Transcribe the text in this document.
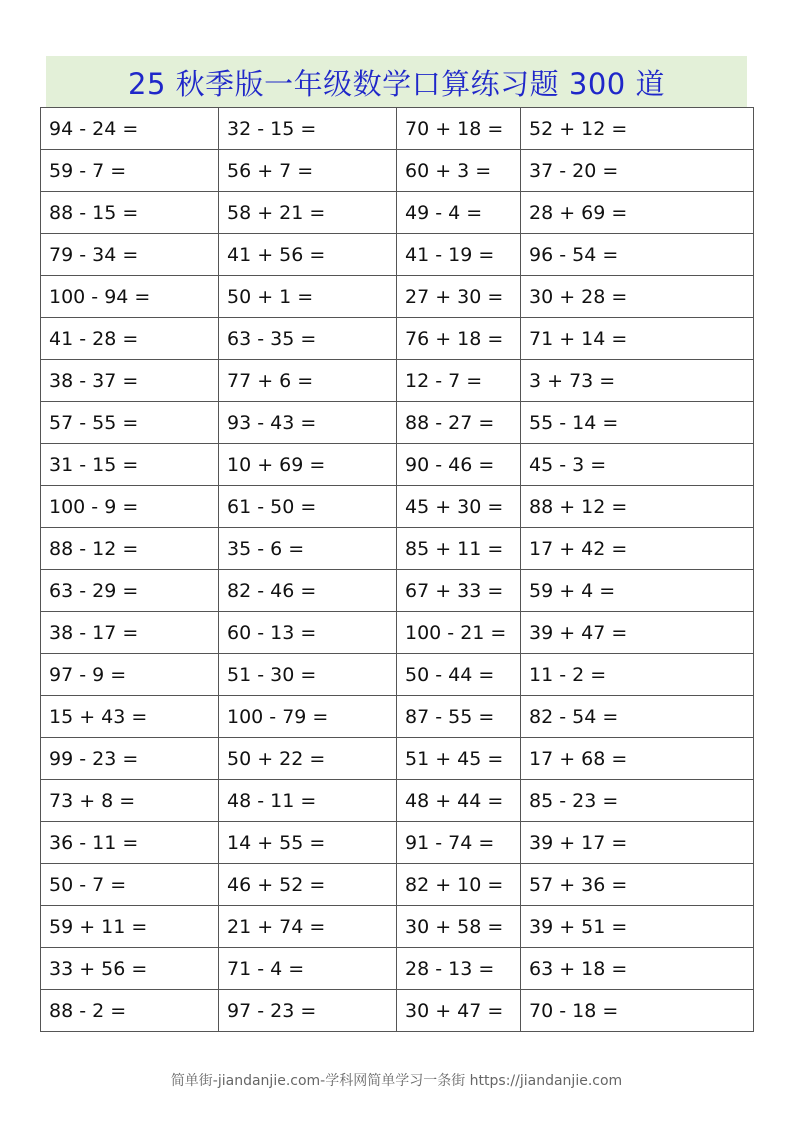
25 秋季版一年级数学口算练习题 300 道
94 - 24 =	32 - 15 =	70 + 18 =	52 + 12 =
59 - 7 =	56 + 7 =	60 + 3 =	37 - 20 =
88 - 15 =	58 + 21 =	49 - 4 =	28 + 69 =
79 - 34 =	41 + 56 =	41 - 19 =	96 - 54 =
100 - 94 =	50 + 1 =	27 + 30 =	30 + 28 =
41 - 28 =	63 - 35 =	76 + 18 =	71 + 14 =
38 - 37 =	77 + 6 =	12 - 7 =	3 + 73 =
57 - 55 =	93 - 43 =	88 - 27 =	55 - 14 =
31 - 15 =	10 + 69 =	90 - 46 =	45 - 3 =
100 - 9 =	61 - 50 =	45 + 30 =	88 + 12 =
88 - 12 =	35 - 6 =	85 + 11 =	17 + 42 =
63 - 29 =	82 - 46 =	67 + 33 =	59 + 4 =
38 - 17 =	60 - 13 =	100 - 21 =	39 + 47 =
97 - 9 =	51 - 30 =	50 - 44 =	11 - 2 =
15 + 43 =	100 - 79 =	87 - 55 =	82 - 54 =
99 - 23 =	50 + 22 =	51 + 45 =	17 + 68 =
73 + 8 =	48 - 11 =	48 + 44 =	85 - 23 =
36 - 11 =	14 + 55 =	91 - 74 =	39 + 17 =
50 - 7 =	46 + 52 =	82 + 10 =	57 + 36 =
59 + 11 =	21 + 74 =	30 + 58 =	39 + 51 =
33 + 56 =	71 - 4 =	28 - 13 =	63 + 18 =
88 - 2 =	97 - 23 =	30 + 47 =	70 - 18 =
简单街-jiandanjie.com-学科网简单学习一条街 https://jiandanjie.com
